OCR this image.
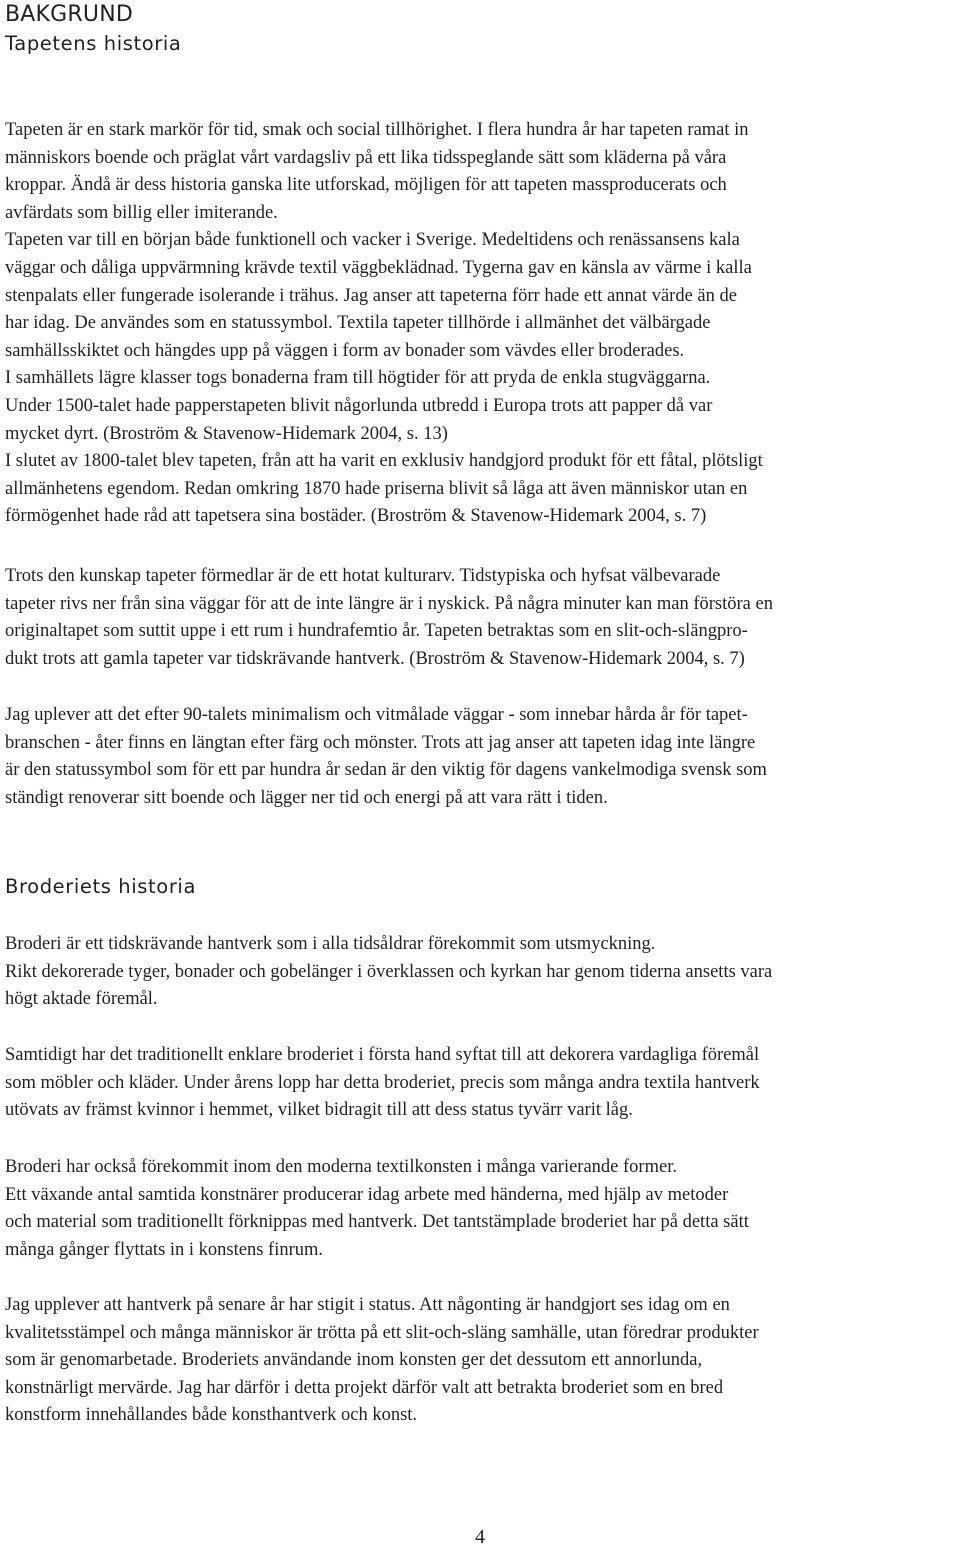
BAKGRUND
Tapetens historia

Tapeten är en stark markör för tid, smak och social tillhörighet. I flera hundra år har tapeten ramat in

människors boende och präglat vårt vardagsliv på ett lika tidsspeglande sätt som kläderna på våra

kroppar. Ändå är dess historia ganska lite utforskad, möjligen för att tapeten massproducerats och

avfärdats som billig eller imiterande.

Tapeten var till en början både funktionell och vacker i Sverige. Medeltidens och renässansens kala

väggar och dåliga uppvärmning krävde textil väggbeklädnad. Tygerna gav en känsla av värme i kalla

stenpalats eller fungerade isolerande i trähus. Jag anser att tapeterna förr hade ett annat värde än de

har idag. De användes som en statussymbol. Textila tapeter tillhörde i allmänhet det välbärgade

samhällsskiktet och hängdes upp på väggen i form av bonader som vävdes eller broderades.

I samhällets lägre klasser togs bonaderna fram till högtider för att pryda de enkla stugväggarna.

Under 1500-talet hade papperstapeten blivit någorlunda utbredd i Europa trots att papper då var

mycket dyrt. (Broström & Stavenow-Hidemark 2004, s. 13)

I slutet av 1800-talet blev tapeten, från att ha varit en exklusiv handgjord produkt för ett fåtal, plötsligt

allmänhetens egendom. Redan omkring 1870 hade priserna blivit så låga att även människor utan en

förmögenhet hade råd att tapetsera sina bostäder. (Broström & Stavenow-Hidemark 2004, s. 7)

Trots den kunskap tapeter förmedlar är de ett hotat kulturarv. Tidstypiska och hyfsat välbevarade

tapeter rivs ner från sina väggar för att de inte längre är i nyskick. På några minuter kan man förstöra en

originaltapet som suttit uppe i ett rum i hundrafemtio år. Tapeten betraktas som en slit-och-slängpro-

dukt trots att gamla tapeter var tidskrävande hantverk. (Broström & Stavenow-Hidemark 2004, s. 7)

Jag uplever att det efter 90-talets minimalism och vitmålade väggar - som innebar hårda år för tapet-

branschen - åter finns en längtan efter färg och mönster. Trots att jag anser att tapeten idag inte längre

är den statussymbol som för ett par hundra år sedan är den viktig för dagens vankelmodiga svensk som

ständigt renoverar sitt boende och lägger ner tid och energi på att vara rätt i tiden.

Broderiets historia

Broderi är ett tidskrävande hantverk som i alla tidsåldrar förekommit som utsmyckning.

Rikt dekorerade tyger, bonader och gobelänger i överklassen och kyrkan har genom tiderna ansetts vara

högt aktade föremål.

Samtidigt har det traditionellt enklare broderiet i första hand syftat till att dekorera vardagliga föremål

som möbler och kläder. Under årens lopp har detta broderiet, precis som många andra textila hantverk

utövats av främst kvinnor i hemmet, vilket bidragit till att dess status tyvärr varit låg.

Broderi har också förekommit inom den moderna textilkonsten i många varierande former.

Ett växande antal samtida konstnärer producerar idag arbete med händerna, med hjälp av metoder

och material som traditionellt förknippas med hantverk. Det tantstämplade broderiet har på detta sätt

många gånger flyttats in i konstens finrum.

Jag upplever att hantverk på senare år har stigit i status. Att någonting är handgjort ses idag om en

kvalitetsstämpel och många människor är trötta på ett slit-och-släng samhälle, utan föredrar produkter

som är genomarbetade. Broderiets användande inom konsten ger det dessutom ett annorlunda,

konstnärligt mervärde. Jag har därför i detta projekt därför valt att betrakta broderiet som en bred

konstform innehållandes både konsthantverk och konst.

4
